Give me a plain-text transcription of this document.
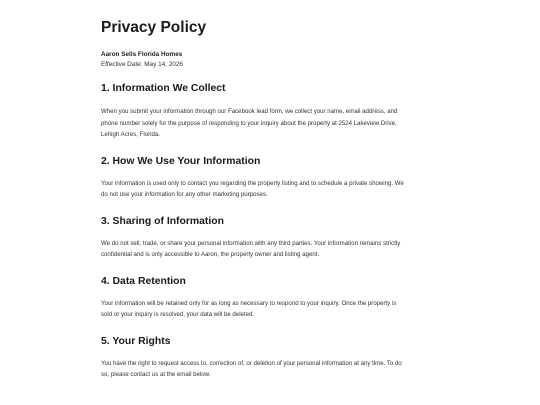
Privacy Policy

Aaron Sells Florida Homes

Effective Date: May 14, 2026

1. Information We Collect

When you submit your information through our Facebook lead form, we collect your name, email address, and
phone number solely for the purpose of responding to your inquiry about the property at 2524 Lakeview Drive,
Lehigh Acres, Florida.

2. How We Use Your Information

Your information is used only to contact you regarding the property listing and to schedule a private showing. We
do not use your information for any other marketing purposes.

3. Sharing of Information

We do not sell, trade, or share your personal information with any third parties. Your information remains strictly
confidential and is only accessible to Aaron, the property owner and listing agent.

4. Data Retention

Your information will be retained only for as long as necessary to respond to your inquiry. Once the property is
sold or your inquiry is resolved, your data will be deleted.

5. Your Rights

You have the right to request access to, correction of, or deletion of your personal information at any time. To do
so, please contact us at the email below.
